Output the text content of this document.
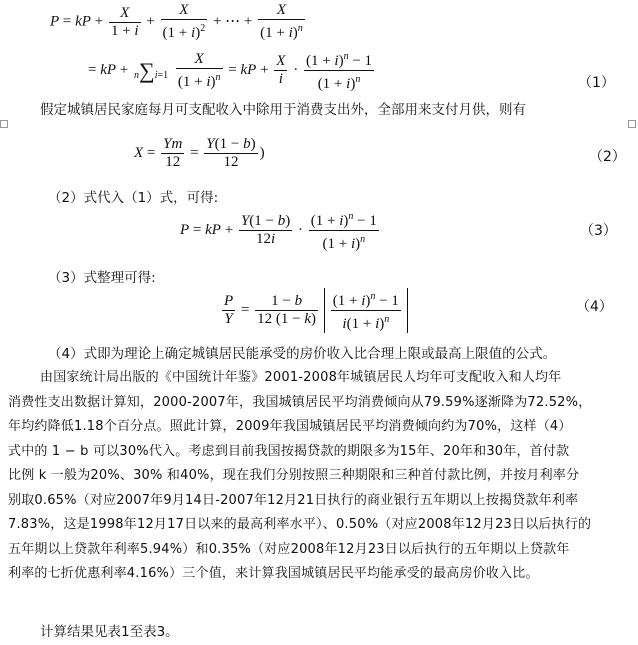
P = kP + $\frac{X}{1 + i} + \frac{X}{(1 + i)^2}$ + ⋯ + $\frac{X}{(1 + i)^n}$
= kP + $n\sum i=1 \frac{X}{(1 + i)^n}$ = kP + $\frac{X}{i} \cdot \frac{(1 + i)^n - 1}{(1 + i)^n}$	（1）
假定城镇居民家庭每月可支配收入中除用于消费支出外，全部用来支付月供，则有
$X = \frac{Ym}{12} = \frac{Y(1 - b)}{12}$ )	（2）
（2）式代入（1）式，可得:
P = kP + $\frac{Y(1 - b)}{12i} \cdot \frac{(1 + i)^n - 1}{(1 + i)^n}$	（3）
（3）式整理可得:
$\frac{P}{Y} = \frac{1 - b}{12 (1 - k)}$
$\frac{(1 + i)^n - 1}{i(1 + i)^n}$	（4）
（4）式即为理论上确定城镇居民能承受的房价收入比合理上限或最高上限值的公式。
由国家统计局出版的《中国统计年鉴》2001-2008年城镇居民人均年可支配收入和人均年
消费性支出数据计算知，2000-2007年，我国城镇居民平均消费倾向从79.59%逐渐降为72.52%，
年均约降低1.18个百分点。照此计算，2009年我国城镇居民平均消费倾向约为70%，这样（4）
式中的 1 − b 可以30%代入。考虑到目前我国按揭贷款的期限多为15年、20年和30年，首付款
比例 k 一般为20%、30% 和40%，现在我们分别按照三种期限和三种首付款比例，并按月利率分
别取0.65%（对应2007年9月14日-2007年12月21日执行的商业银行五年期以上按揭贷款年利率
7.83%，这是1998年12月17日以来的最高利率水平）、0.50%（对应2008年12月23日以后执行的
五年期以上贷款年利率5.94%）和0.35%（对应2008年12月23日以后执行的五年期以上贷款年
利率的七折优惠利率4.16%）三个值，来计算我国城镇居民平均能承受的最高房价收入比。
计算结果见表1至表3。
